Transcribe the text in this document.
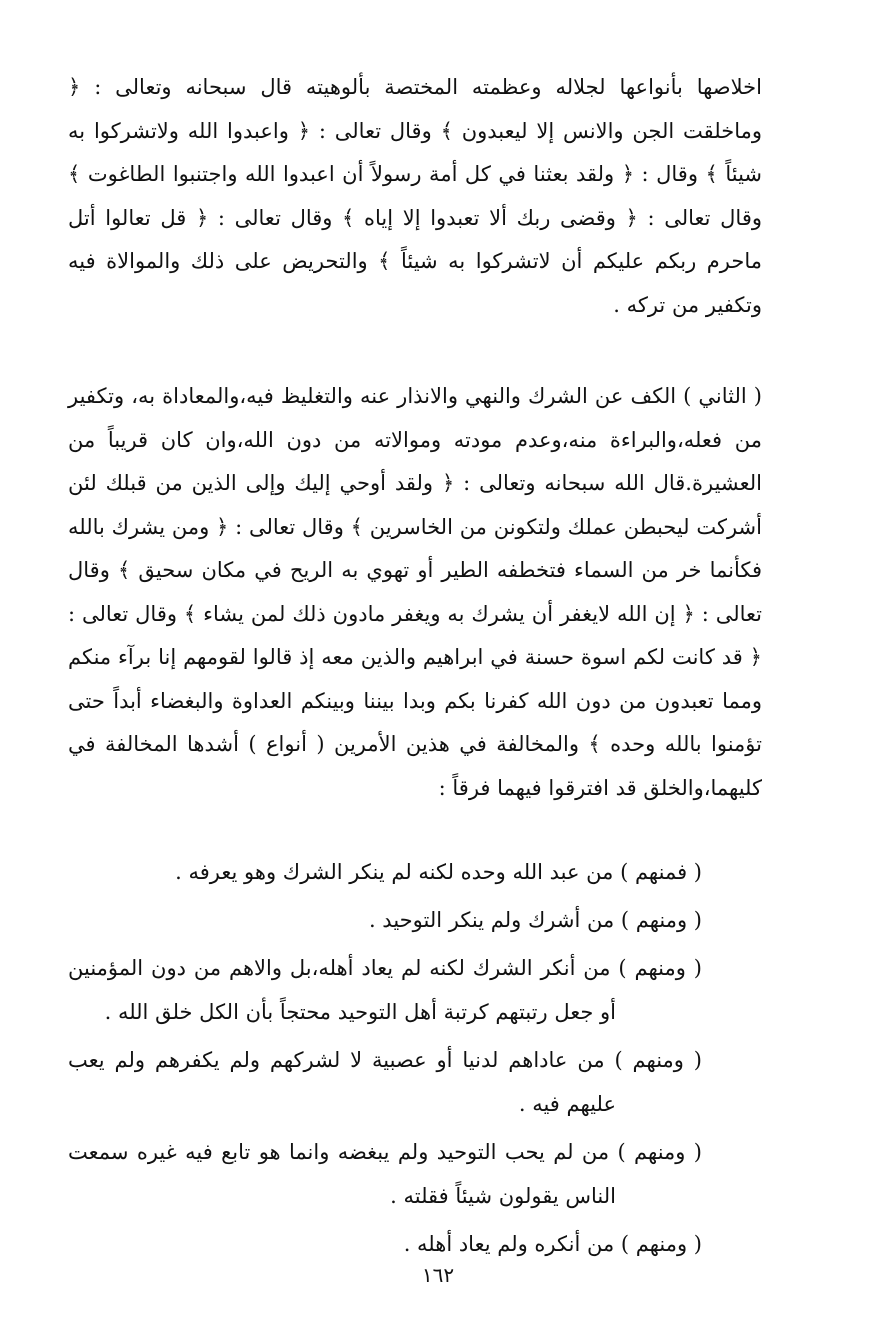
اخلاصها بأنواعها لجلاله وعظمته المختصة بألوهيته قال سبحانه وتعالى : ﴿ وماخلقت الجن والانس إلا ليعبدون ﴾ وقال تعالى : ﴿ واعبدوا الله ولاتشركوا به شيئاً ﴾ وقال : ﴿ ولقد بعثنا في كل أمة رسولاً أن اعبدوا الله واجتنبوا الطاغوت ﴾ وقال تعالى : ﴿ وقضى ربك ألا تعبدوا إلا إياه ﴾ وقال تعالى : ﴿ قل تعالوا أتل ماحرم ربكم عليكم أن لاتشركوا به شيئاً ﴾ والتحريض على ذلك والموالاة فيه وتكفير من تركه .

( الثاني ) الكف عن الشرك والنهي والانذار عنه والتغليظ فيه،والمعاداة به، وتكفير من فعله،والبراءة منه،وعدم مودته وموالاته من دون الله،وان كان قريباً من العشيرة.قال الله سبحانه وتعالى : ﴿ ولقد أوحي إليك وإلى الذين من قبلك لئن أشركت ليحبطن عملك ولتكونن من الخاسرين ﴾ وقال تعالى : ﴿ ومن يشرك بالله فكأنما خر من السماء فتخطفه الطير أو تهوي به الريح في مكان سحيق ﴾ وقال تعالى : ﴿ إن الله لايغفر أن يشرك به ويغفر مادون ذلك لمن يشاء ﴾ وقال تعالى : ﴿ قد كانت لكم اسوة حسنة في ابراهيم والذين معه إذ قالوا لقومهم إنا برآء منكم ومما تعبدون من دون الله كفرنا بكم وبدا بيننا وبينكم العداوة والبغضاء أبداً حتى تؤمنوا بالله وحده ﴾ والمخالفة في هذين الأمرين ( أنواع ) أشدها المخالفة في كليهما،والخلق قد افترقوا فيهما فرقاً :

( فمنهم ) من عبد الله وحده لكنه لم ينكر الشرك وهو يعرفه .
( ومنهم ) من أشرك ولم ينكر التوحيد .
( ومنهم ) من أنكر الشرك لكنه لم يعاد أهله،بل والاهم من دون المؤمنين أو جعل رتبتهم كرتبة أهل التوحيد محتجاً بأن الكل خلق الله .
( ومنهم ) من عاداهم لدنيا أو عصبية لا لشركهم ولم يكفرهم ولم يعب عليهم فيه .
( ومنهم ) من لم يحب التوحيد ولم يبغضه وانما هو تابع فيه غيره سمعت الناس يقولون شيئاً فقلته .
( ومنهم ) من أنكره ولم يعاد أهله .
١٦٢
